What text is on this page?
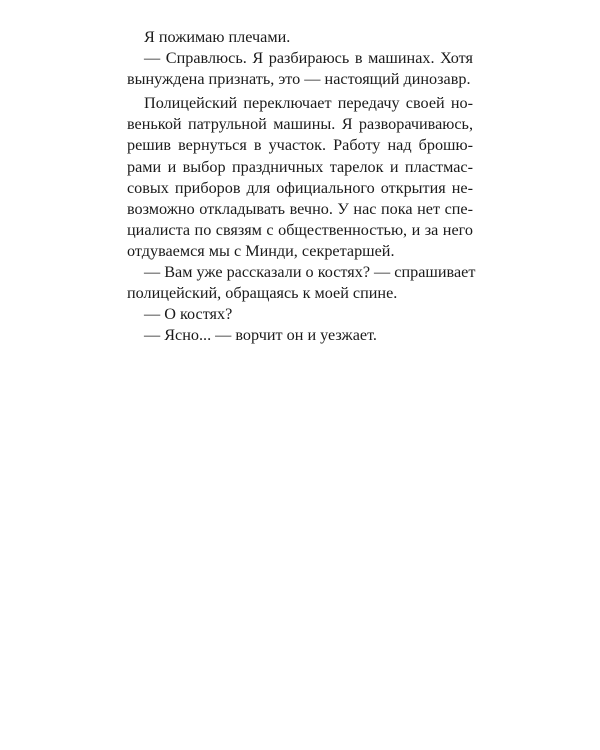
Я пожимаю плечами.
— Справлюсь. Я разбираюсь в машинах. Хотя
вынуждена признать, это — настоящий динозавр.
Полицейский переключает передачу своей но-
венькой патрульной машины. Я разворачиваюсь,
решив вернуться в участок. Работу над брошю-
рами и выбор праздничных тарелок и пластмас-
совых приборов для официального открытия не-
возможно откладывать вечно. У нас пока нет спе-
циалиста по связям с общественностью, и за него
отдуваемся мы с Минди, секретаршей.
— Вам уже рассказали о костях? — спрашивает
полицейский, обращаясь к моей спине.
— О костях?
— Ясно... — ворчит он и уезжает.
